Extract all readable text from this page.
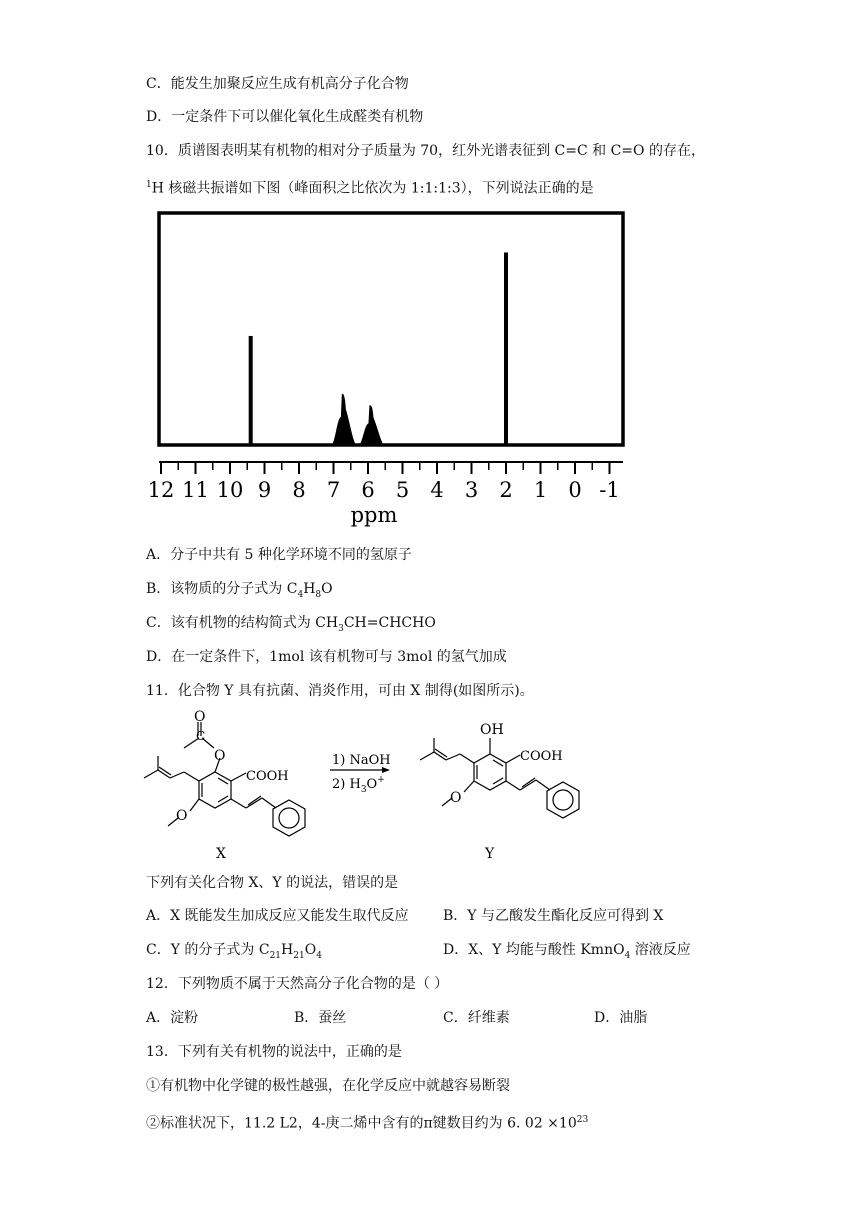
C．能发生加聚反应生成有机高分子化合物
D．一定条件下可以催化氧化生成醛类有机物
10．质谱图表明某有机物的相对分子质量为 70，红外光谱表征到 C=C 和 C=O 的存在，
$^1$H 核磁共振谱如下图（峰面积之比依次为 1:1:1:3），下列说法正确的是
12 11 10 9 8 7 6 5 4 3 2 1 0 -1
ppm
A．分子中共有 5 种化学环境不同的氢原子
B．该物质的分子式为 $C_4H_8O$
C．该有机物的结构简式为 $CH_3CH=CHCHO$
D．在一定条件下，1mol 该有机物可与 3mol 的氢气加成
11．化合物 Y 具有抗菌、消炎作用，可由 X 制得(如图所示)。
O
C
O
O
COOH
1) NaOH
2) $H_3O^+$
OH
COOH
O
X	Y
下列有关化合物 X、Y 的说法，错误的是
A．X 既能发生加成反应又能发生取代反应 B．Y 与乙酸发生酯化反应可得到 X
C．Y 的分子式为 $C_{21}H_{21}O_4$	D．X、Y 均能与酸性 KmnO$_4$ 溶液反应
12．下列物质不属于天然高分子化合物的是（ ）
A．淀粉	B．蚕丝	C．纤维素	D．油脂
13．下列有关有机物的说法中，正确的是
①有机物中化学键的极性越强，在化学反应中就越容易断裂
②标准状况下，11.2 L2，4-庚二烯中含有的π键数目约为 6. $02 \times 10^{23}$
